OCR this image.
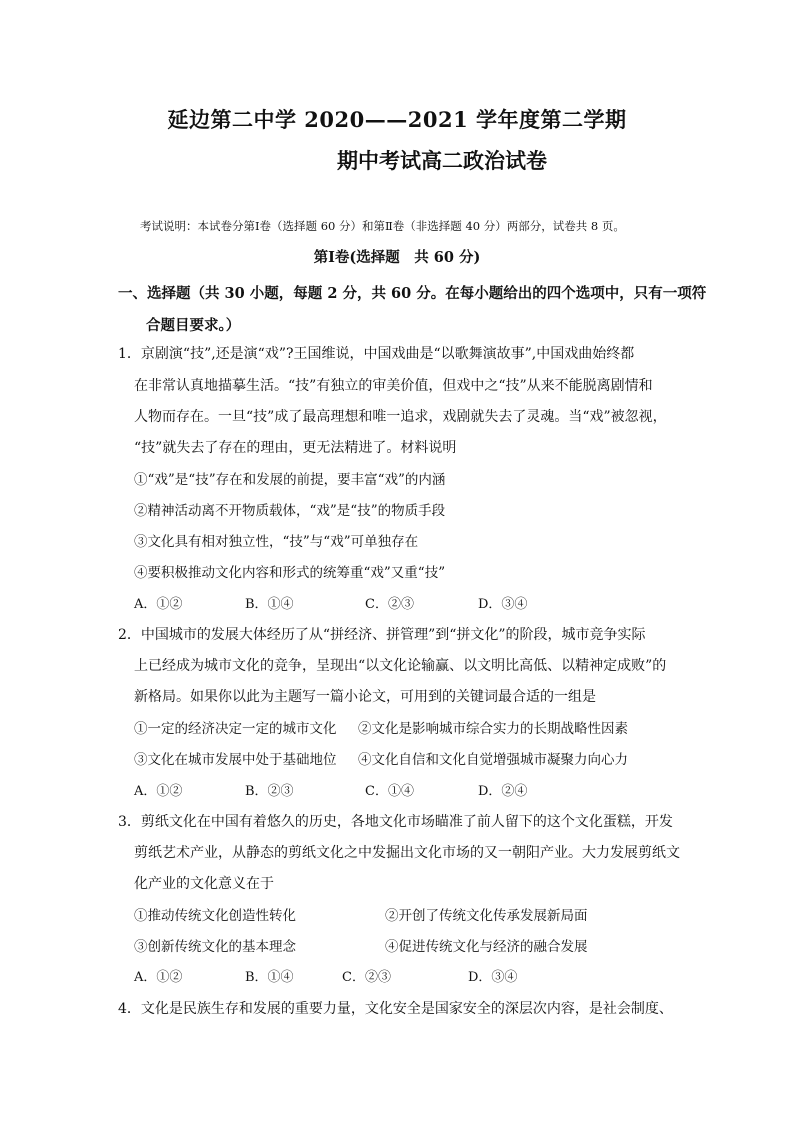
延边第二中学 2020——2021 学年度第二学期
期中考试高二政治试卷
考试说明：本试卷分第Ⅰ卷（选择题 60 分）和第Ⅱ卷（非选择题 40 分）两部分，试卷共 8 页。
第Ⅰ卷(选择题　共 60 分)
一、选择题（共 30 小题，每题 2 分，共 60 分。在每小题给出的四个选项中，只有一项符
合题目要求。）
1．京剧演“技”,还是演“戏”?王国维说，中国戏曲是“以歌舞演故事”,中国戏曲始终都
在非常认真地描摹生活。“技”有独立的审美价值，但戏中之“技”从来不能脱离剧情和
人物而存在。一旦“技”成了最高理想和唯一追求，戏剧就失去了灵魂。当“戏”被忽视，
“技”就失去了存在的理由，更无法精进了。材料说明
①“戏”是“技”存在和发展的前提，要丰富“戏”的内涵
②精神活动离不开物质载体，“戏”是“技”的物质手段
③文化具有相对独立性，“技”与“戏”可单独存在
④要积极推动文化内容和形式的统筹重“戏”又重“技”
A．①②	B．①④	C．②③	D．③④
2．中国城市的发展大体经历了从“拼经济、拼管理”到“拼文化”的阶段，城市竞争实际
上已经成为城市文化的竞争，呈现出“以文化论输赢、以文明比高低、以精神定成败”的
新格局。如果你以此为主题写一篇小论文，可用到的关键词最合适的一组是
①一定的经济决定一定的城市文化 ②文化是影响城市综合实力的长期战略性因素
③文化在城市发展中处于基础地位 ④文化自信和文化自觉增强城市凝聚力向心力
A．①②	B．②③	C．①④	D．②④
3．剪纸文化在中国有着悠久的历史，各地文化市场瞄准了前人留下的这个文化蛋糕，开发
剪纸艺术产业，从静态的剪纸文化之中发掘出文化市场的又一朝阳产业。大力发展剪纸文
化产业的文化意义在于
①推动传统文化创造性转化	②开创了传统文化传承发展新局面
③创新传统文化的基本理念	④促进传统文化与经济的融合发展
A．①②	B．①④	C．②③	D．③④
4．文化是民族生存和发展的重要力量，文化安全是国家安全的深层次内容，是社会制度、
